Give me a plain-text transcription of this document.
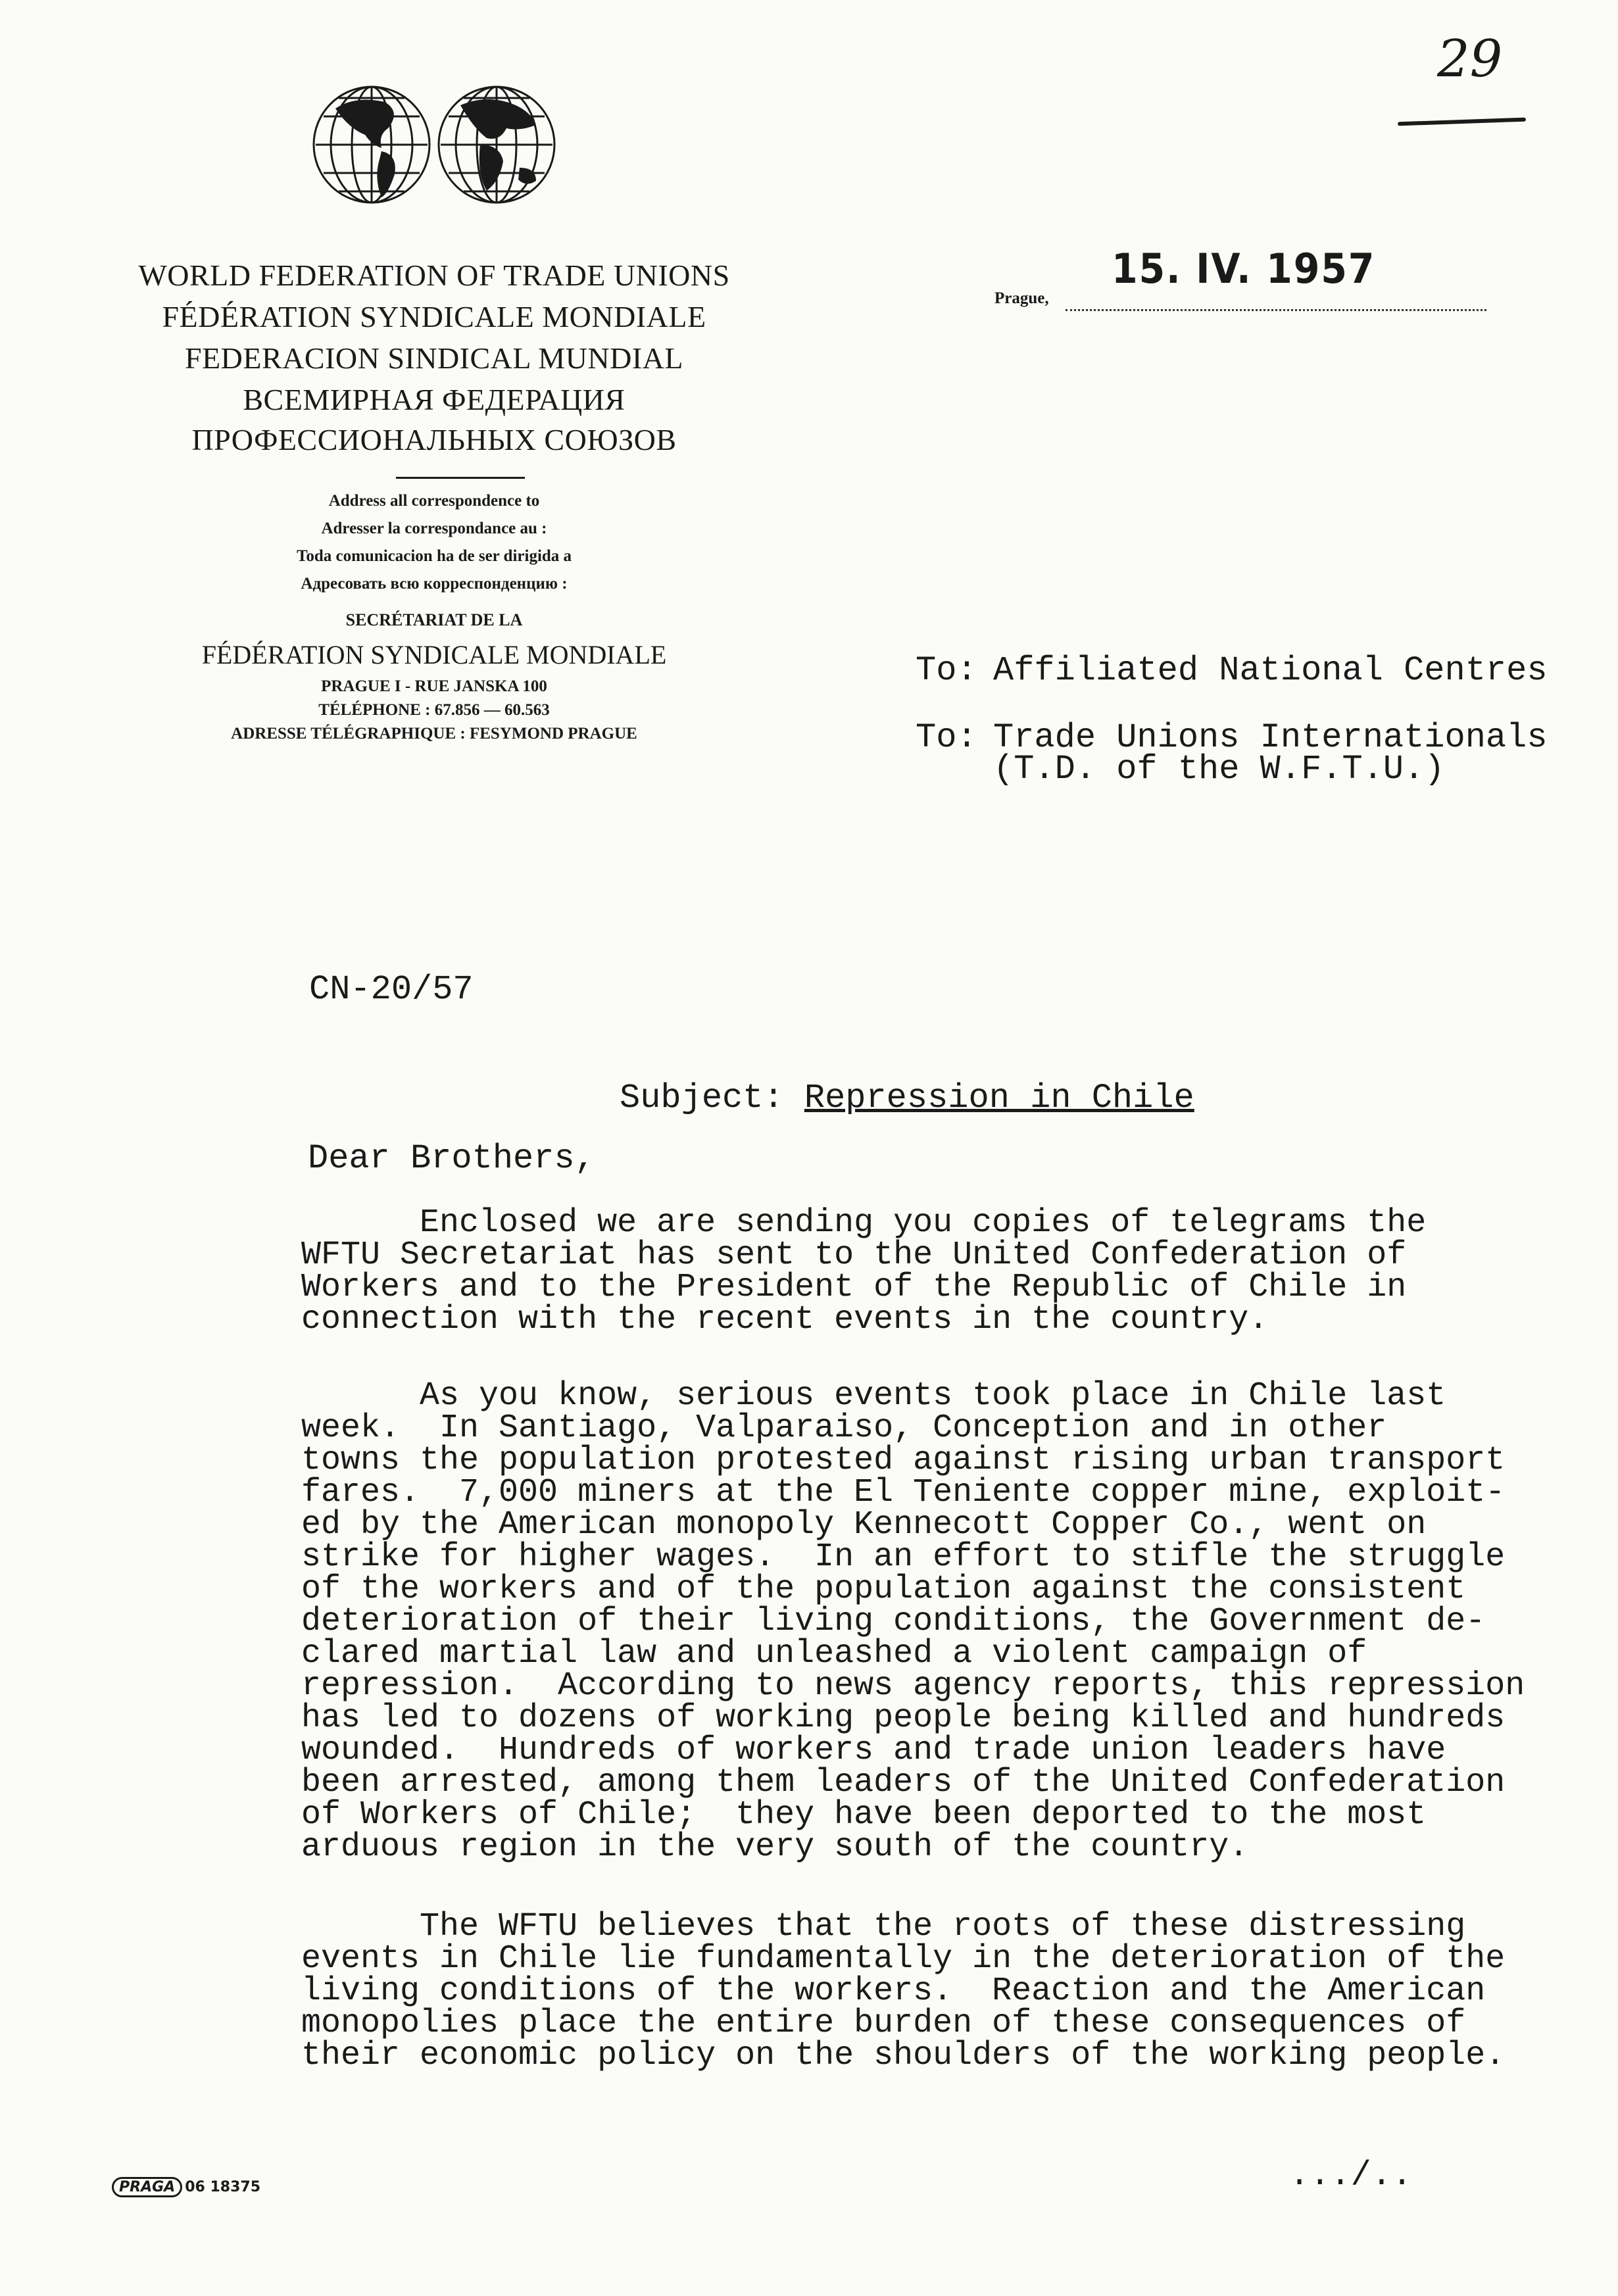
29
WORLD FEDERATION OF TRADE UNIONS
FÉDÉRATION SYNDICALE MONDIALE
FEDERACION SINDICAL MUNDIAL
ВСЕМИРНАЯ ФЕДЕРАЦИЯ
ПРОФЕССИОНАЛЬНЫХ СОЮЗОВ
Address all correspondence to
Adresser la correspondance au :
Toda comunicacion ha de ser dirigida a
Адресовать всю корреспонденцию :
SECRÉTARIAT DE LA
FÉDÉRATION SYNDICALE MONDIALE
PRAGUE I - RUE JANSKA 100
TÉLÉPHONE : 67.856 — 60.563
ADRESSE TÉLÉGRAPHIQUE : FESYMOND PRAGUE
Prague,
15. IV. 1957
To: Affiliated National Centres
To: Trade Unions Internationals
(T.D. of the W.F.T.U.)
CN-20/57
Subject: Repression in Chile
Dear Brothers,
Enclosed we are sending you copies of telegrams the
WFTU Secretariat has sent to the United Confederation of
Workers and to the President of the Republic of Chile in
connection with the recent events in the country.
As you know, serious events took place in Chile last
week.  In Santiago, Valparaiso, Conception and in other
towns the population protested against rising urban transport
fares.  7,000 miners at the El Teniente copper mine, exploit-
ed by the American monopoly Kennecott Copper Co., went on
strike for higher wages.  In an effort to stifle the struggle
of the workers and of the population against the consistent
deterioration of their living conditions, the Government de-
clared martial law and unleashed a violent campaign of
repression.  According to news agency reports, this repression
has led to dozens of working people being killed and hundreds
wounded.  Hundreds of workers and trade union leaders have
been arrested, among them leaders of the United Confederation
of Workers of Chile;  they have been deported to the most
arduous region in the very south of the country.
The WFTU believes that the roots of these distressing
events in Chile lie fundamentally in the deterioration of the
living conditions of the workers.  Reaction and the American
monopolies place the entire burden of these consequences of
their economic policy on the shoulders of the working people.
.../..
PRAGA 06 18375
